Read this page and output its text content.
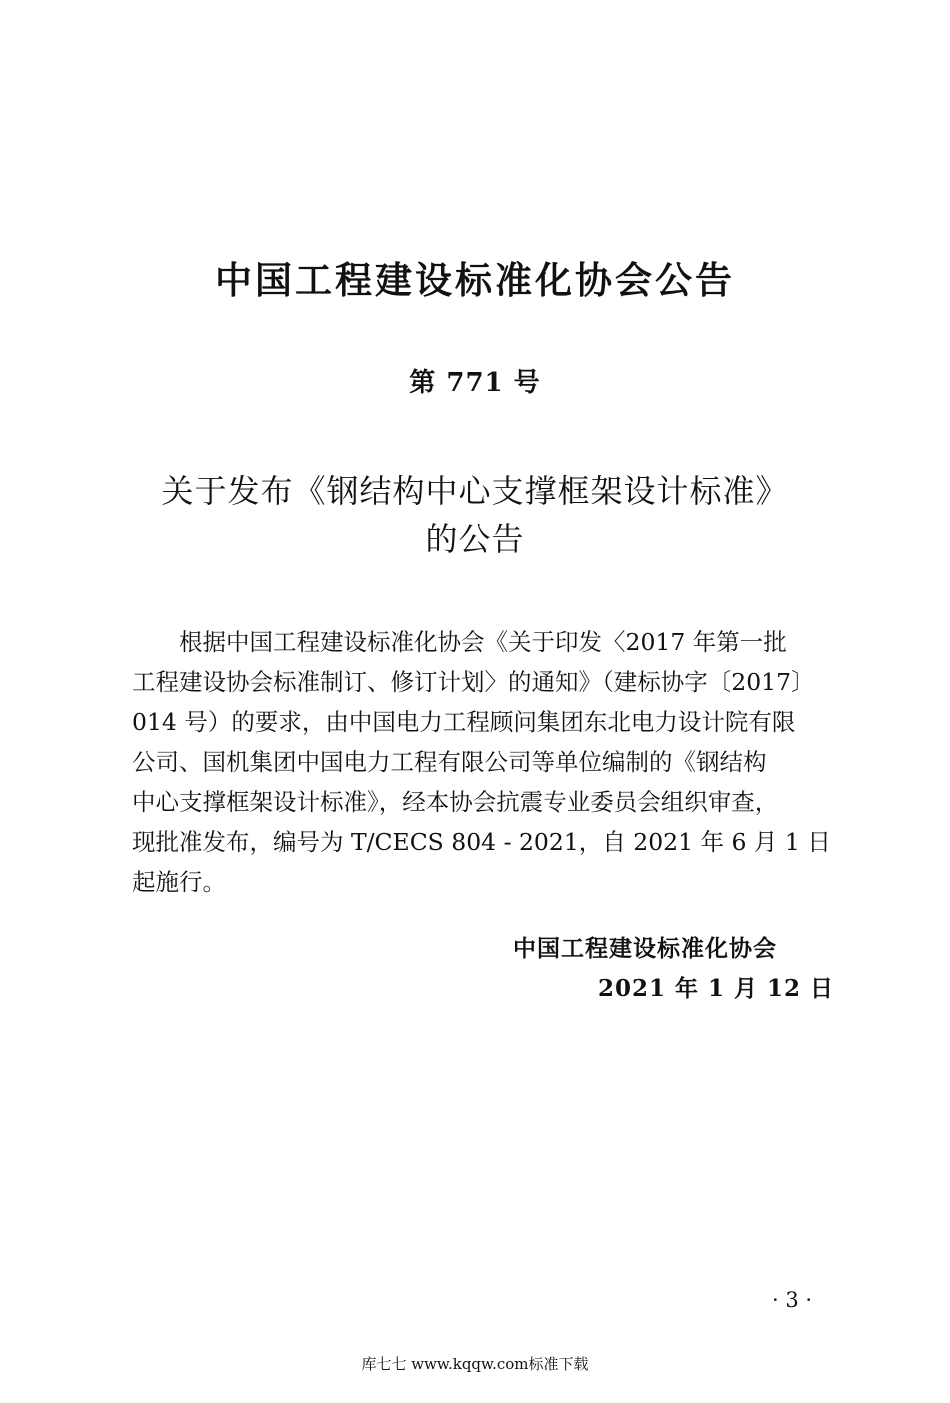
中国工程建设标准化协会公告
第 771 号
关于发布《钢结构中心支撑框架设计标准》
的公告
根据中国工程建设标准化协会《关于印发〈2017 年第一批
工程建设协会标准制订、修订计划〉的通知》（建标协字〔2017〕
014 号）的要求，由中国电力工程顾问集团东北电力设计院有限
公司、国机集团中国电力工程有限公司等单位编制的《钢结构
中心支撑框架设计标准》，经本协会抗震专业委员会组织审查，
现批准发布，编号为 T/CECS 804 - 2021，自 2021 年 6 月 1 日
起施行。
中国工程建设标准化协会
2021 年 1 月 12 日
· 3 ·
库七七 www.kqqw.com标准下载
